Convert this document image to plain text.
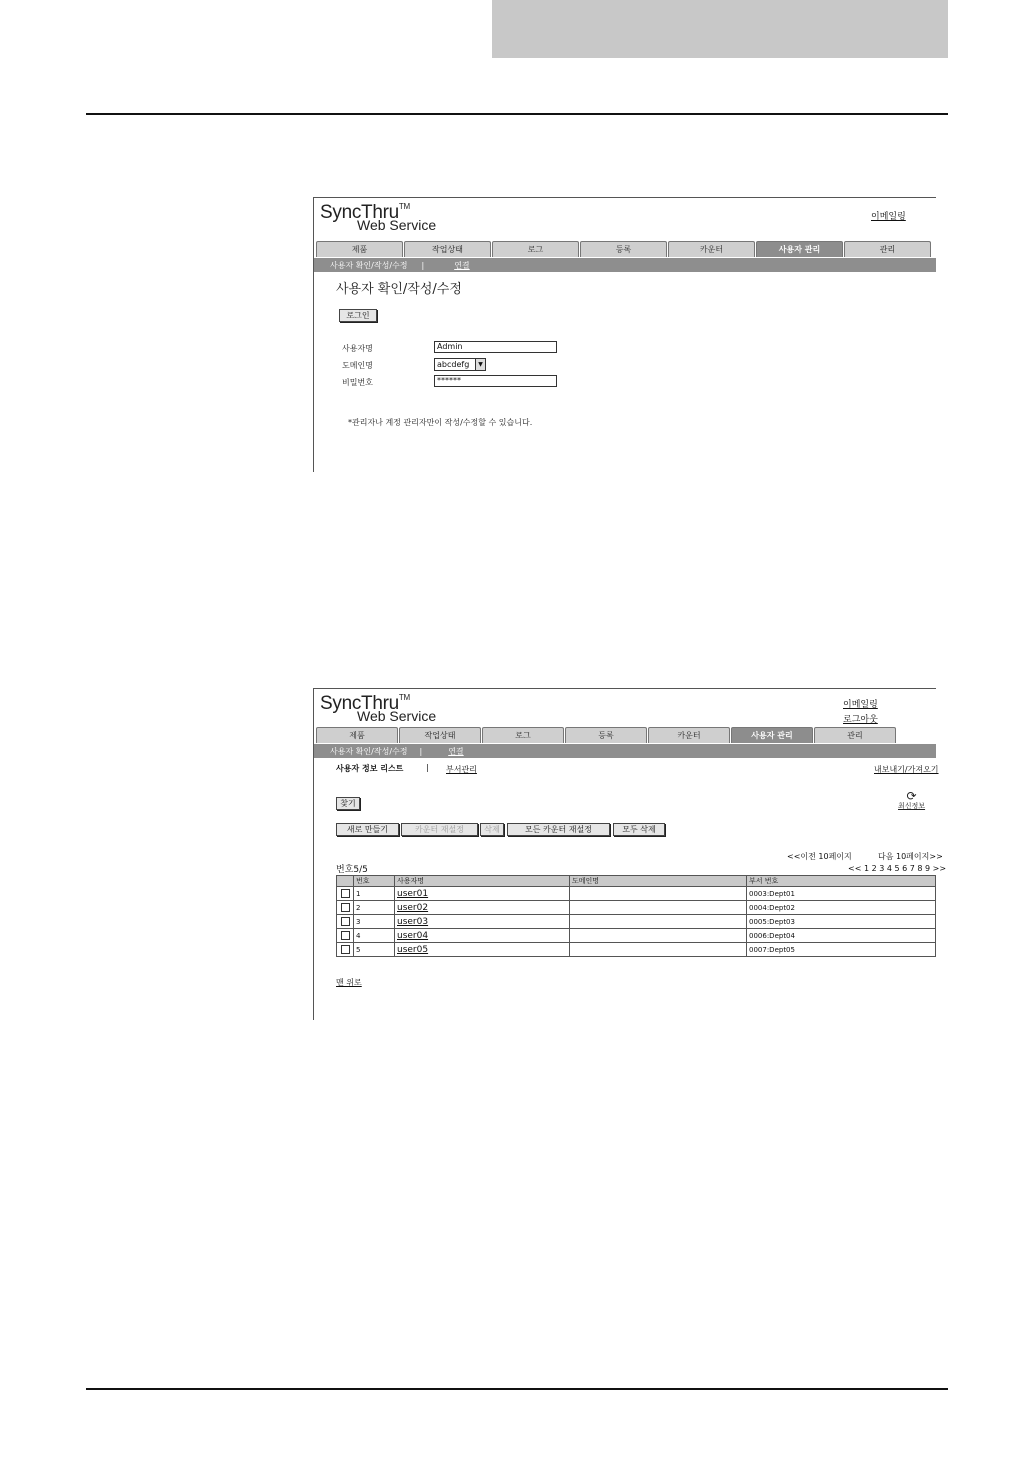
SyncThru™
Web Service	이메일링
제품	작업상태	로그	등록	카운터	사용자 관리	관리
사용자 확인/작성/수정 |	연결
사용자 확인/작성/수정
로그인
사용자명	Admin
도메인명	abcdefg	▼
비밀번호	******
*관리자나 계정 관리자만이 작성/수정할 수 있습니다.
SyncThru™
Web Service
이메일링
로그아웃
제품	작업상태	로그	등록	카운터	사용자 관리	관리
사용자 확인/작성/수정 |	연결
사용자 정보 리스트	| 부서관리	내보내기/가져오기
⟳
최신정보
찾기
새로 만들기	카운터 재설정	삭제	모든 카운터 재설정	모두 삭제
<<이전 10페이지	다음 10페이지>>
<< 1 2 3 4 5 6 7 8 9 >>
번호5/5
	번호	사용자명	도메인명	부서 번호
	1	user01		0003:Dept01
	2	user02		0004:Dept02
	3	user03		0005:Dept03
	4	user04		0006:Dept04
	5	user05		0007:Dept05
맨 위로
